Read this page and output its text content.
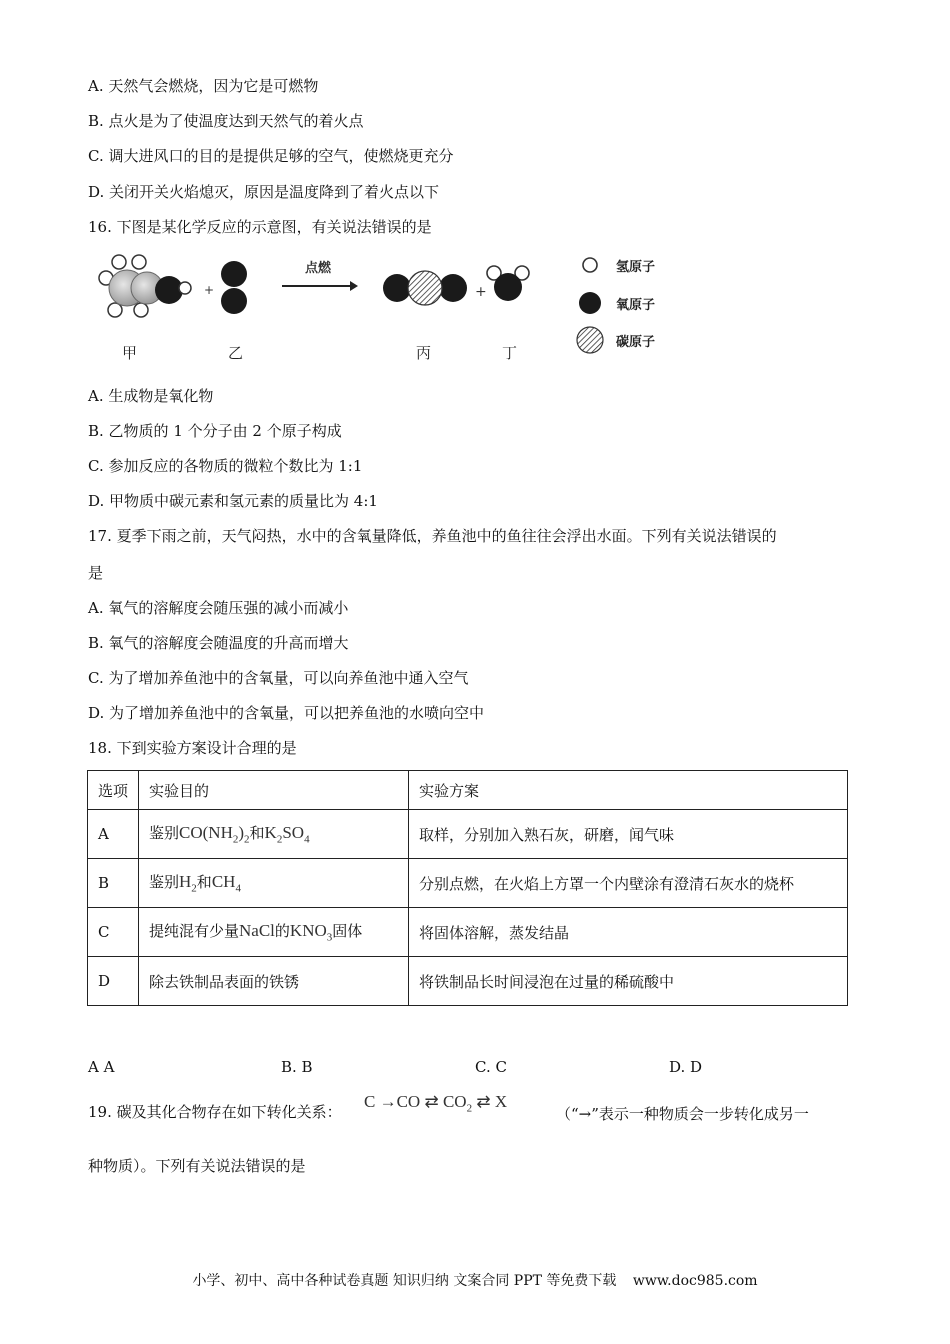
A. 天然气会燃烧，因为它是可燃物
B. 点火是为了使温度达到天然气的着火点
C. 调大进风口的目的是提供足够的空气，使燃烧更充分
D. 关闭开关火焰熄灭，原因是温度降到了着火点以下
16. 下图是某化学反应的示意图，有关说法错误的是
+
点燃
+
甲	乙	丙	丁
氢原子
氧原子
碳原子
A. 生成物是氧化物
B. 乙物质的 1 个分子由 2 个原子构成
C. 参加反应的各物质的微粒个数比为 1:1
D. 甲物质中碳元素和氢元素的质量比为 4:1
17. 夏季下雨之前，天气闷热，水中的含氧量降低，养鱼池中的鱼往往会浮出水面。下列有关说法错误的
是
A. 氧气的溶解度会随压强的减小而减小
B. 氧气的溶解度会随温度的升高而增大
C. 为了增加养鱼池中的含氧量，可以向养鱼池中通入空气
D. 为了增加养鱼池中的含氧量，可以把养鱼池的水喷向空中
18. 下到实验方案设计合理的是
选项	实验目的	实验方案
A	鉴别$CO(NH_2)_2$和$K_2SO_4$	取样，分别加入熟石灰，研磨，闻气味
B	鉴别$H_2$和$CH_4$	分别点燃，在火焰上方罩一个内壁涂有澄清石灰水的烧杯
C	提纯混有少量NaCl的$KNO_3$固体	将固体溶解，蒸发结晶
D	除去铁制品表面的铁锈	将铁制品长时间浸泡在过量的稀硫酸中
A A	B. B	C. C	D. D
19. 碳及其化合物存在如下转化关系：
C →CO ⇄ $CO_2$ ⇄ X
（“→”表示一种物质会一步转化成另一
种物质）。下列有关说法错误的是
小学、初中、高中各种试卷真题 知识归纳 文案合同 PPT 等免费下载 www.doc985.com
